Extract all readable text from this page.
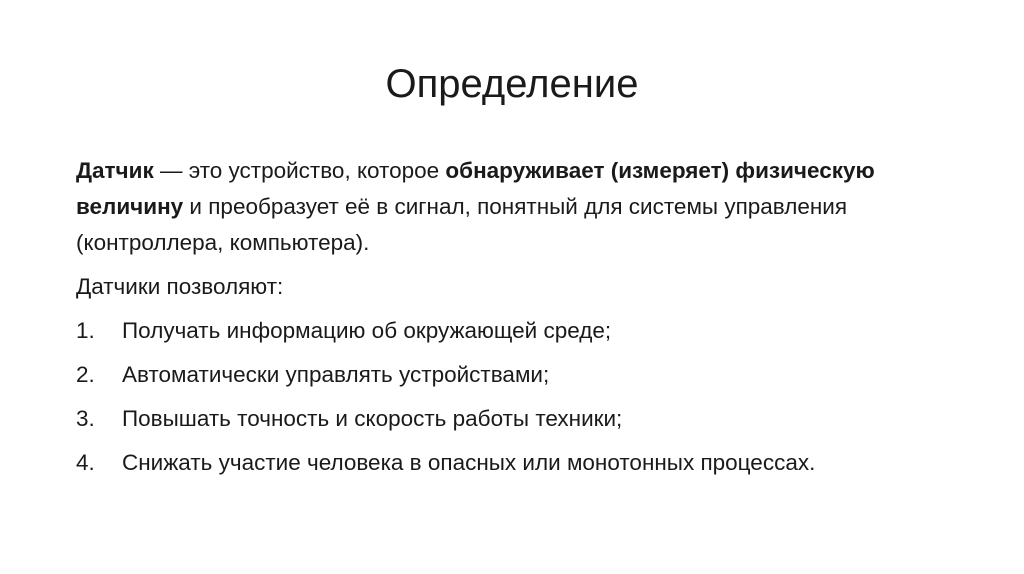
Определение

Датчик — это устройство, которое обнаруживает (измеряет) физическую величину и преобразует её в сигнал, понятный для системы управления (контроллера, компьютера).

Датчики позволяют:

1. Получать информацию об окружающей среде;
2. Автоматически управлять устройствами;
3. Повышать точность и скорость работы техники;
4. Снижать участие человека в опасных или монотонных процессах.
